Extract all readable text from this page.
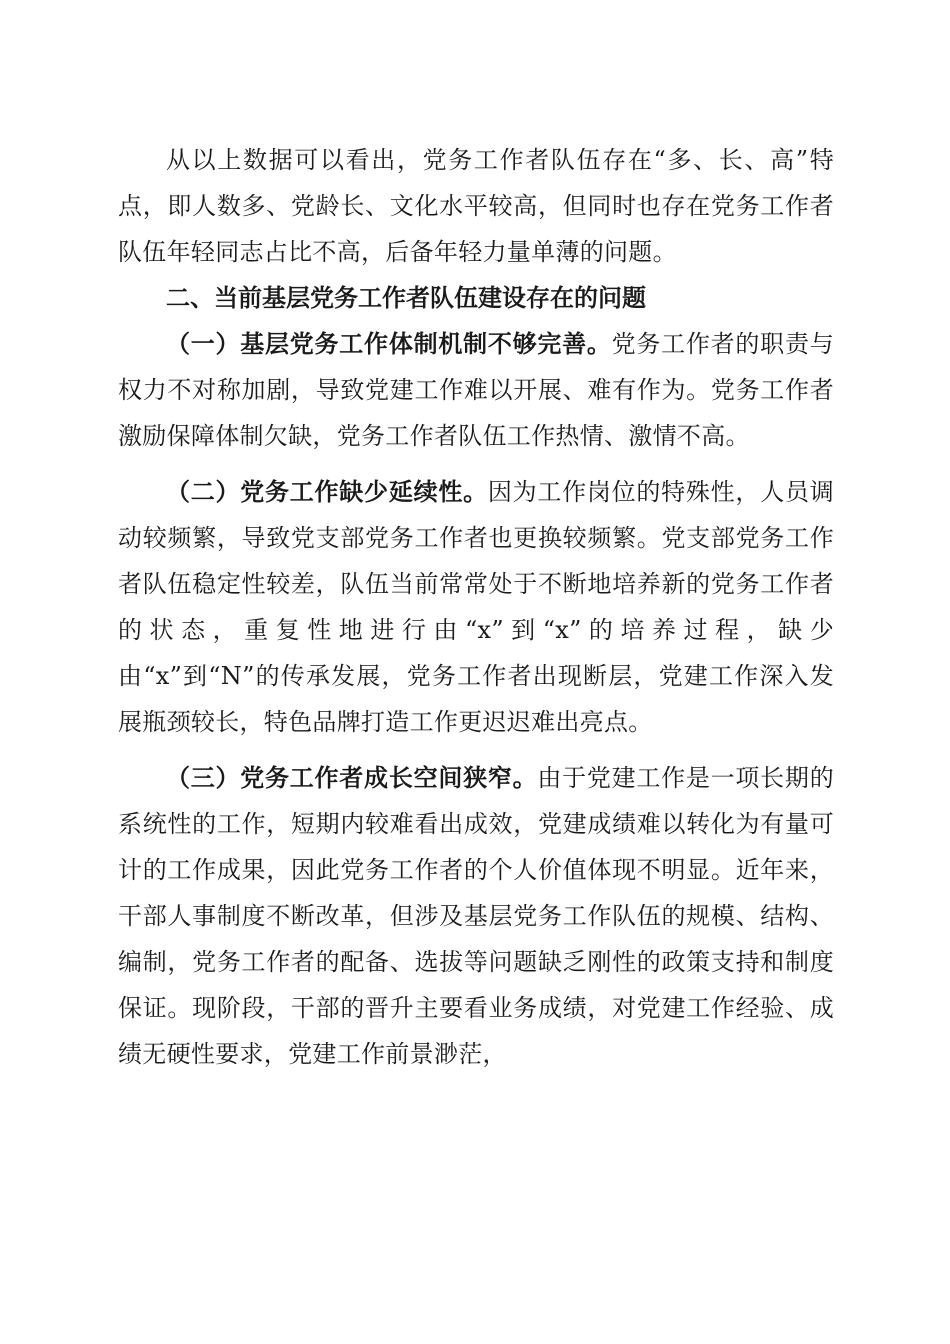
从以上数据可以看出，党务工作者队伍存在“多、长、高”特点，即人数多、党龄长、文化水平较高，但同时也存在党务工作者队伍年轻同志占比不高，后备年轻力量单薄的问题。

二、当前基层党务工作者队伍建设存在的问题

（一）基层党务工作体制机制不够完善。党务工作者的职责与权力不对称加剧，导致党建工作难以开展、难有作为。党务工作者激励保障体制欠缺，党务工作者队伍工作热情、激情不高。

（二）党务工作缺少延续性。因为工作岗位的特殊性，人员调动较频繁，导致党支部党务工作者也更换较频繁。党支部党务工作者队伍稳定性较差，队伍当前常常处于不断地培养新的党务工作者的状态，重复性地进行由“x”到“x”的培养过程，缺少由“x”到“N”的传承发展，党务工作者出现断层，党建工作深入发展瓶颈较长，特色品牌打造工作更迟迟难出亮点。

（三）党务工作者成长空间狭窄。由于党建工作是一项长期的系统性的工作，短期内较难看出成效，党建成绩难以转化为有量可计的工作成果，因此党务工作者的个人价值体现不明显。近年来，干部人事制度不断改革，但涉及基层党务工作队伍的规模、结构、编制，党务工作者的配备、选拔等问题缺乏刚性的政策支持和制度保证。现阶段，干部的晋升主要看业务成绩，对党建工作经验、成绩无硬性要求，党建工作前景渺茫，
